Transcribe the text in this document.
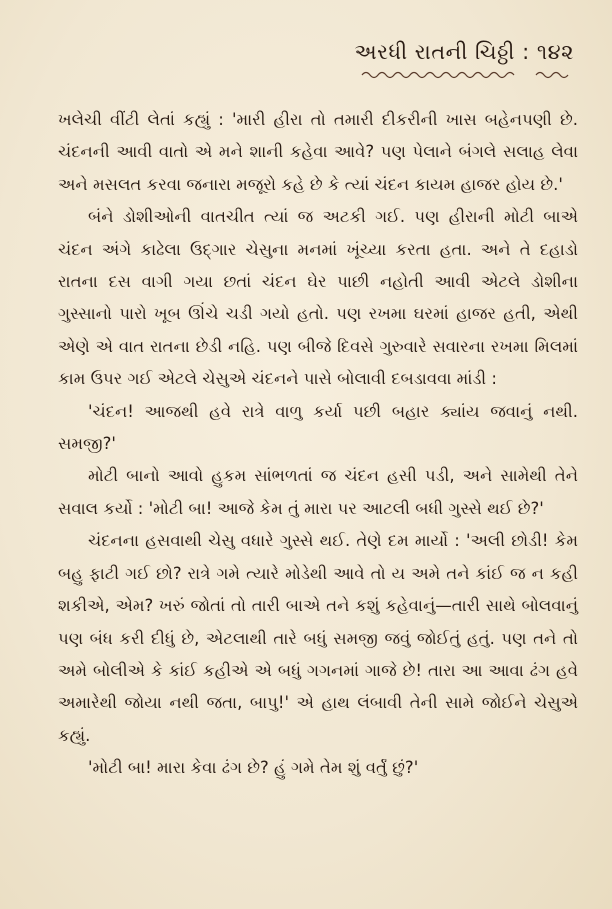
અરધી રાતની ચિઠ્ઠી : ૧૪૨

ખલેચી વીંટી લેતાં કહ્યું : 'મારી હીરા તો તમારી દીકરીની ખાસ બહેનપણી છે. ચંદનની આવી વાતો એ મને શાની કહેવા આવે? પણ પેલાને બંગલે સલાહ લેવા અને મસલત કરવા જનારા મજૂરો કહે છે કે ત્યાં ચંદન કાયમ હાજર હોય છે.'

બંને ડોશીઓની વાતચીત ત્યાં જ અટકી ગઈ. પણ હીરાની મોટી બાએ ચંદન અંગે કાઢેલા ઉદ્‌ગાર ચેસુના મનમાં ખૂંચ્યા કરતા હતા. અને તે દહાડો રાતના દસ વાગી ગયા છતાં ચંદન ઘેર પાછી નહોતી આવી એટલે ડોશીના ગુસ્સાનો પારો ખૂબ ઊંચે ચડી ગયો હતો. પણ રખમા ઘરમાં હાજર હતી, એથી એણે એ વાત રાતના છેડી નહિ. પણ બીજે દિવસે ગુરુવારે સવારના રખમા મિલમાં કામ ઉપર ગઈ એટલે ચેસુએ ચંદનને પાસે બોલાવી દબડાવવા માંડી :

'ચંદન! આજથી હવે રાત્રે વાળુ કર્યા પછી બહાર ક્યાંય જવાનું નથી. સમજી?'

મોટી બાનો આવો હુકમ સાંભળતાં જ ચંદન હસી પડી, અને સામેથી તેને સવાલ કર્યો : 'મોટી બા! આજે કેમ તું મારા પર આટલી બધી ગુસ્સે થઈ છે?'

ચંદનના હસવાથી ચેસુ વધારે ગુસ્સે થઈ. તેણે દમ માર્યો : 'અલી છોડી! કેમ બહુ ફાટી ગઈ છો? રાત્રે ગમે ત્યારે મોડેથી આવે તો ય અમે તને કાંઈ જ ન કહી શકીએ, એમ? ખરું જોતાં તો તારી બાએ તને કશું કહેવાનું—તારી સાથે બોલવાનું પણ બંધ કરી દીધું છે, એટલાથી તારે બધું સમજી જવું જોઈતું હતું. પણ તને તો અમે બોલીએ કે કાંઈ કહીએ એ બધું ગગનમાં ગાજે છે! તારા આ આવા ઢંગ હવે અમારેથી જોયા નથી જતા, બાપુ!' એ હાથ લંબાવી તેની સામે જોઈને ચેસુએ કહ્યું.

'મોટી બા! મારા કેવા ઢંગ છે? હું ગમે તેમ શું વર્તું છું?'
